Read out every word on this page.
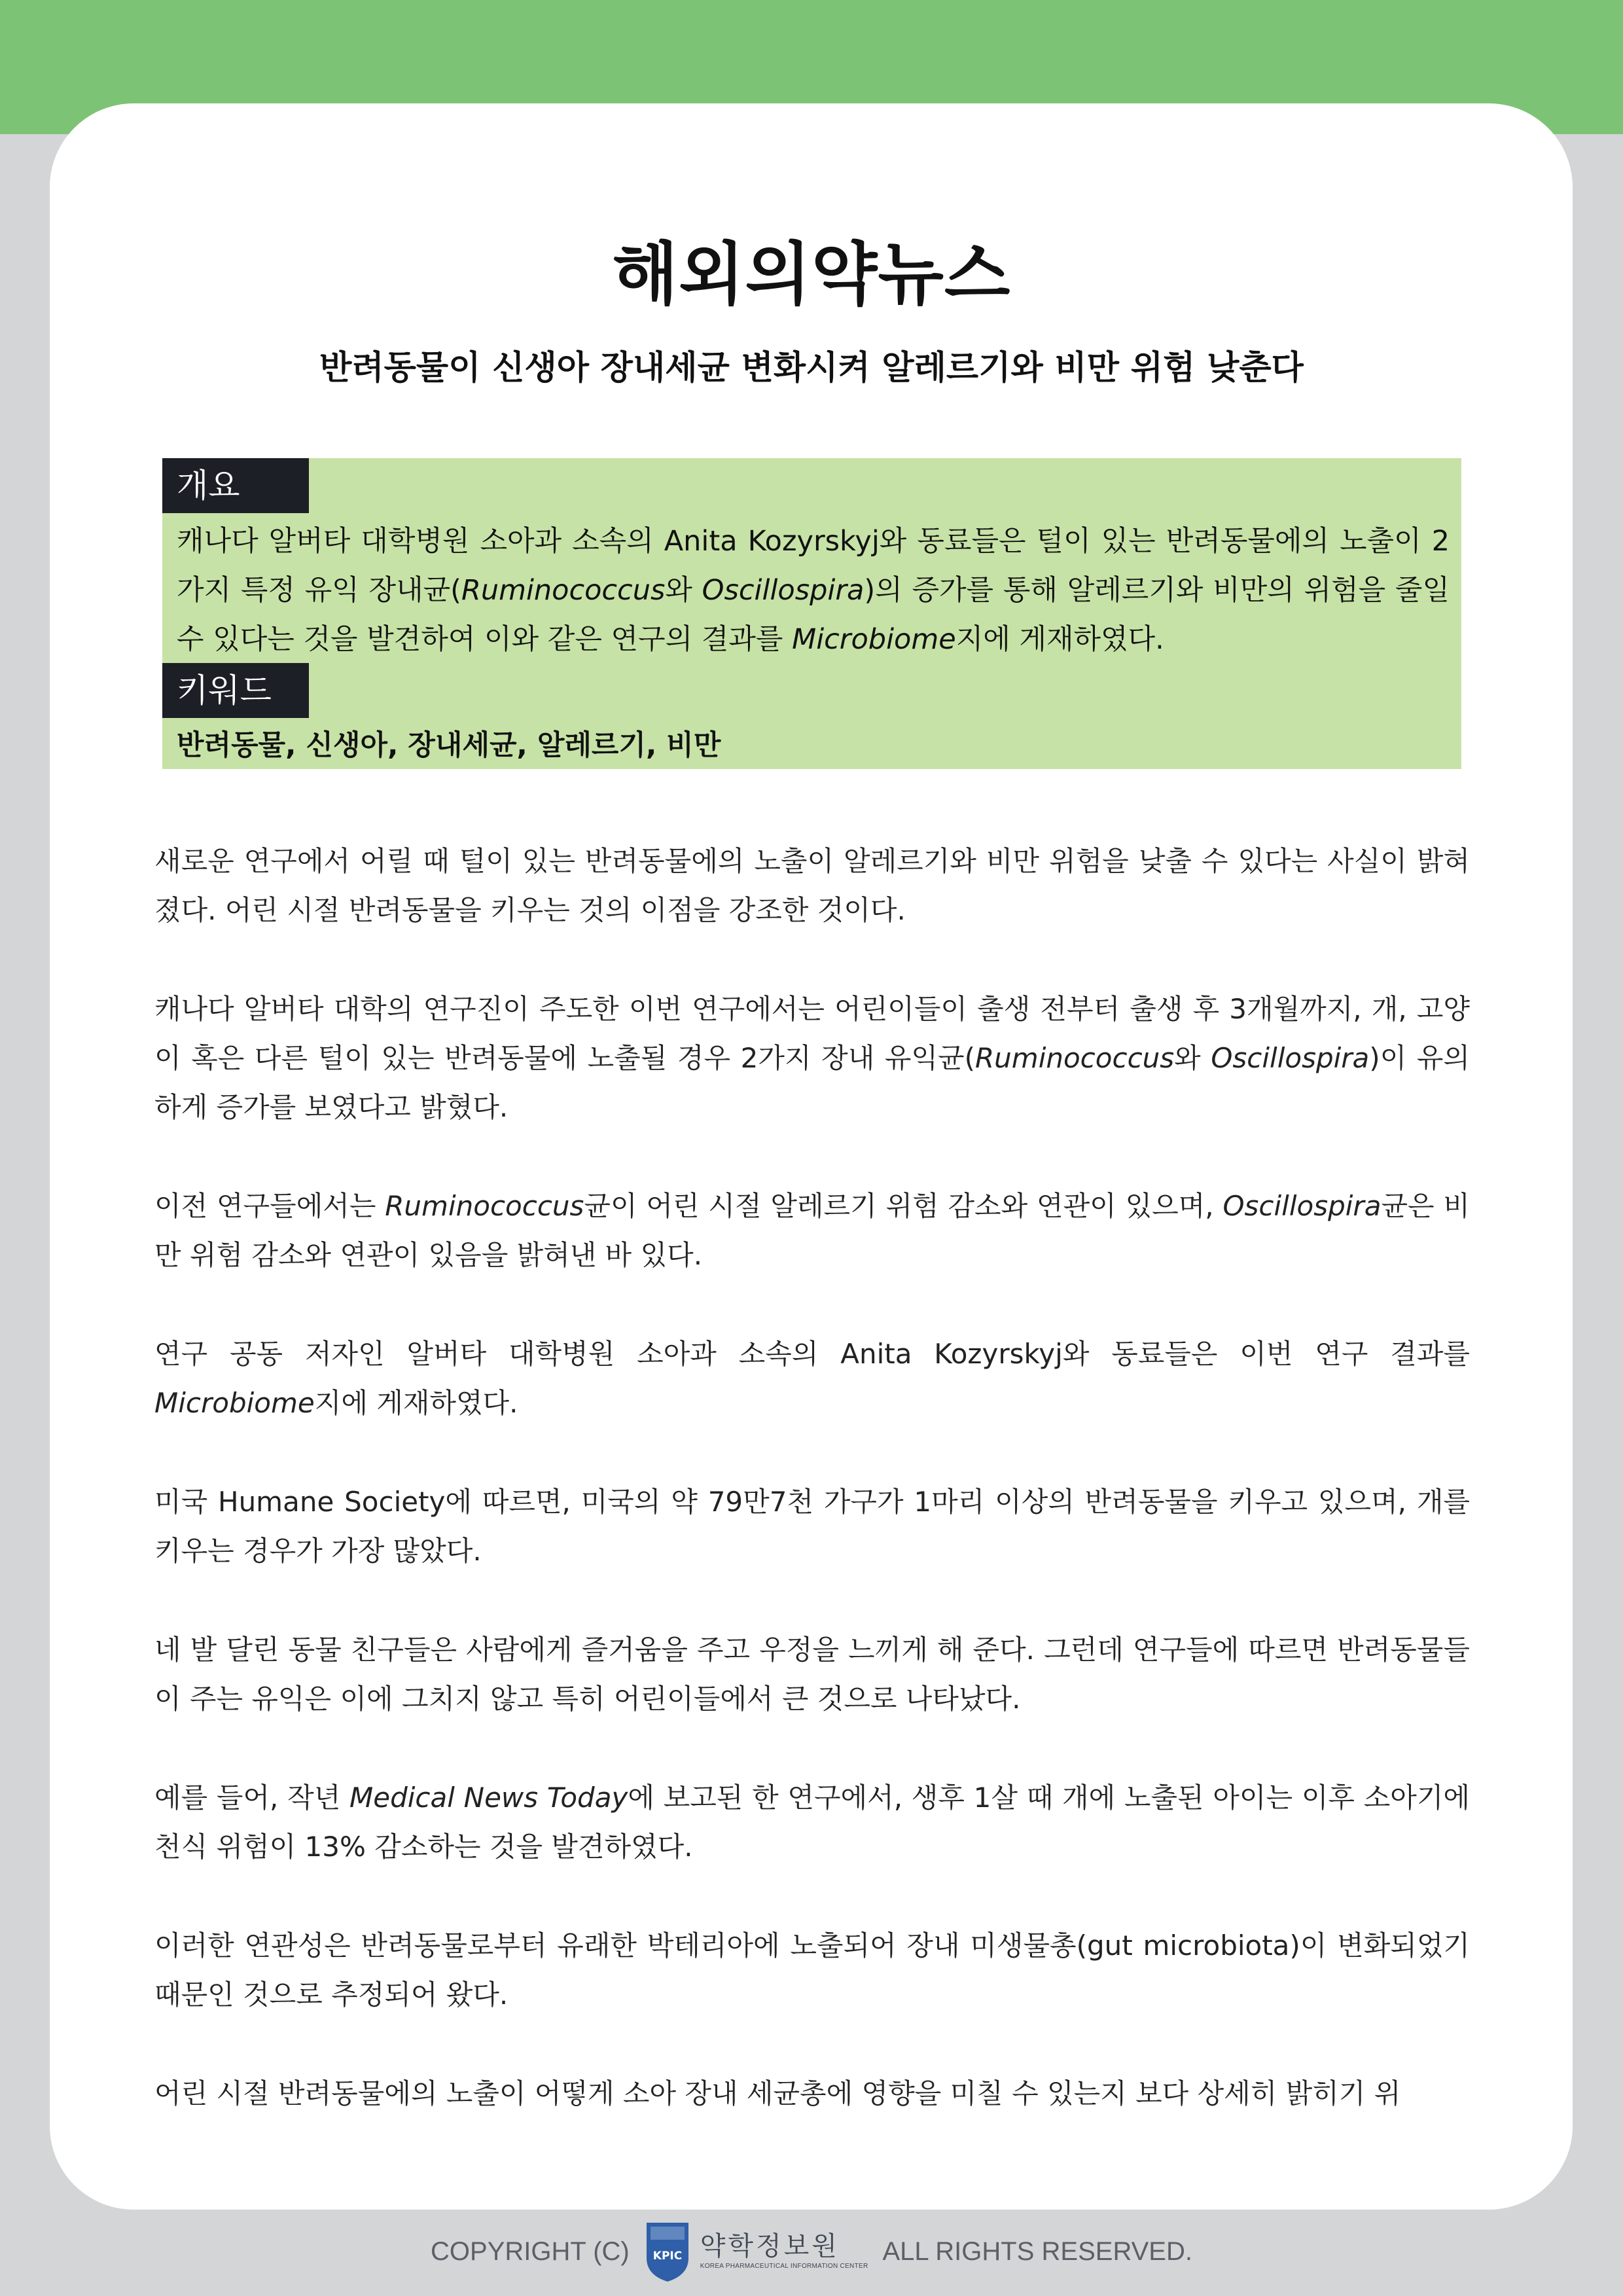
해외의약뉴스
반려동물이 신생아 장내세균 변화시켜 알레르기와 비만 위험 낮춘다
개요

캐나다 알버타 대학병원 소아과 소속의 Anita Kozyrskyj와 동료들은 털이 있는 반려동물에의 노출이 2가지 특정 유익 장내균(Ruminococcus와 Oscillospira)의 증가를 통해 알레르기와 비만의 위험을 줄일 수 있다는 것을 발견하여 이와 같은 연구의 결과를 Microbiome지에 게재하였다.

키워드

반려동물, 신생아, 장내세균, 알레르기, 비만

새로운 연구에서 어릴 때 털이 있는 반려동물에의 노출이 알레르기와 비만 위험을 낮출 수 있다는 사실이 밝혀졌다. 어린 시절 반려동물을 키우는 것의 이점을 강조한 것이다.

캐나다 알버타 대학의 연구진이 주도한 이번 연구에서는 어린이들이 출생 전부터 출생 후 3개월까지, 개, 고양이 혹은 다른 털이 있는 반려동물에 노출될 경우 2가지 장내 유익균(Ruminococcus와 Oscillospira)이 유의하게 증가를 보였다고 밝혔다.

이전 연구들에서는 Ruminococcus균이 어린 시절 알레르기 위험 감소와 연관이 있으며, Oscillospira균은 비만 위험 감소와 연관이 있음을 밝혀낸 바 있다.

연구 공동 저자인 알버타 대학병원 소아과 소속의 Anita Kozyrskyj와 동료들은 이번 연구 결과를 Microbiome지에 게재하였다.

미국 Humane Society에 따르면, 미국의 약 79만7천 가구가 1마리 이상의 반려동물을 키우고 있으며, 개를 키우는 경우가 가장 많았다.

네 발 달린 동물 친구들은 사람에게 즐거움을 주고 우정을 느끼게 해 준다. 그런데 연구들에 따르면 반려동물들이 주는 유익은 이에 그치지 않고 특히 어린이들에서 큰 것으로 나타났다.

예를 들어, 작년 Medical News Today에 보고된 한 연구에서, 생후 1살 때 개에 노출된 아이는 이후 소아기에 천식 위험이 13% 감소하는 것을 발견하였다.

이러한 연관성은 반려동물로부터 유래한 박테리아에 노출되어 장내 미생물총(gut microbiota)이 변화되었기 때문인 것으로 추정되어 왔다.

어린 시절 반려동물에의 노출이 어떻게 소아 장내 세균총에 영향을 미칠 수 있는지 보다 상세히 밝히기 위

COPYRIGHT (C) KPIC 약학정보원
KOREA PHARMACEUTICAL INFORMATION CENTER
ALL RIGHTS RESERVED.
